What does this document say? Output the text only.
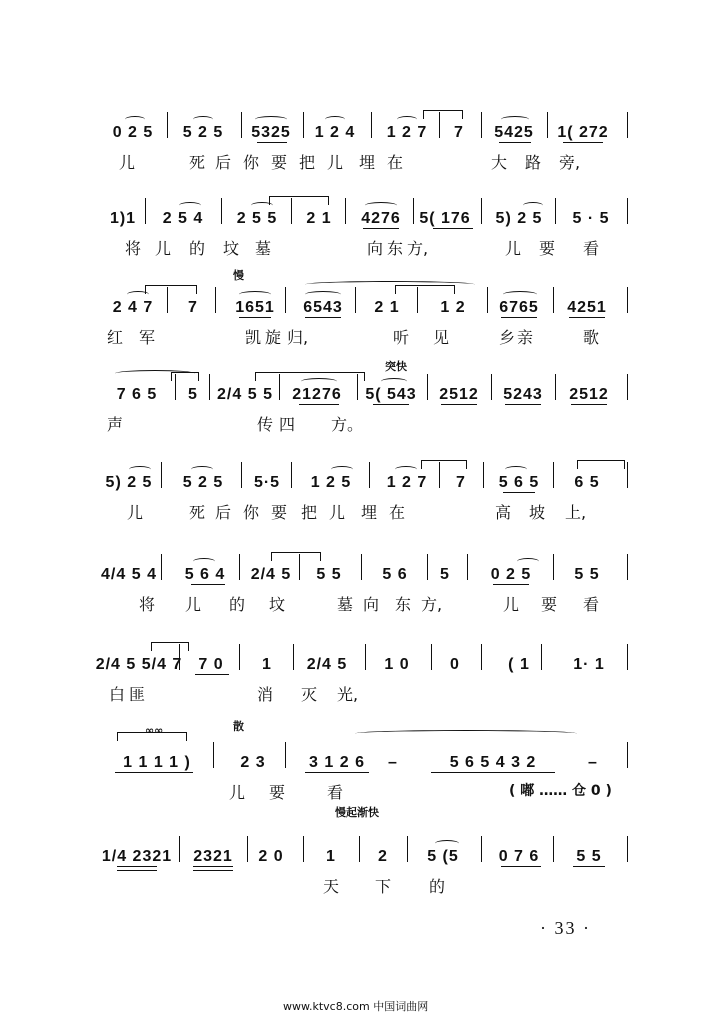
0 2 5 5 2 5 5325 1 2 4 1 2 7 7 5425 1( 272
儿	死 后 你 要 把 儿 埋 在	大 路 旁,
1)1 2 5 4 2 5 5 2 1 4276 5( 176 5) 2 5 5 · 5
将 儿 的 坟 墓	向 东 方,	儿 要 看
慢
2 4 7 7 1651 6543 2 1	1 2 6765 4251
红 军	凯 旋 归,	听 见	乡 亲	歌
突快
7 6 5 5 2/4 5 5 21276 5( 543 2512 5243 2512
声	传 四 方。
5) 2 5 5 2 5 5·5 1 2 5 1 2 7 7 5 6 5 6 5
儿	死 后 你 要 把 儿 埋 在	高 坡 上,
4/4 5 4 5 6 4 2/4 5 5 5	5 6 5	0 2 5	5 5
将 儿 的 坟	墓 向 东 方,	儿 要 看
2/4 5 5/4 7 7 0 1 2/4 5 1 0	0	( 1	1· 1
白 匪	消 灭 光,
散
∞∞
1 1 1 1 )	2 3	3 1 2 6 –	5 6 5 4 3 2	–
儿 要	看	( 嘟 …… 仓 0 )
慢起渐快
1/4 2321 2321 2 0	1	2 5 (5 0 7 6 5 5
天 下 的
· 33 ·
www.ktvc8.com 中国词曲网
